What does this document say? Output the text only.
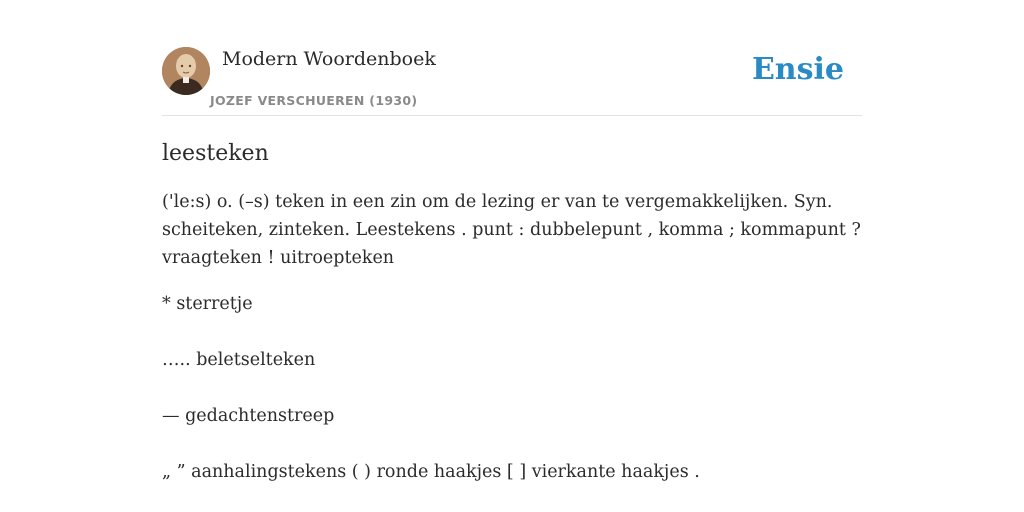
Modern Woordenboek
JOZEF VERSCHUEREN (1930)
Ensie
leesteken

('le:s) o. (–s) teken in een zin om de lezing er van te vergemakkelijken. Syn. scheiteken, zinteken. Leestekens . punt : dubbelepunt , komma ; kommapunt ? vraagteken ! uitroepteken

* sterretje

….. beletselteken

— gedachtenstreep

„ ” aanhalingstekens ( ) ronde haakjes [ ] vierkante haakjes .
